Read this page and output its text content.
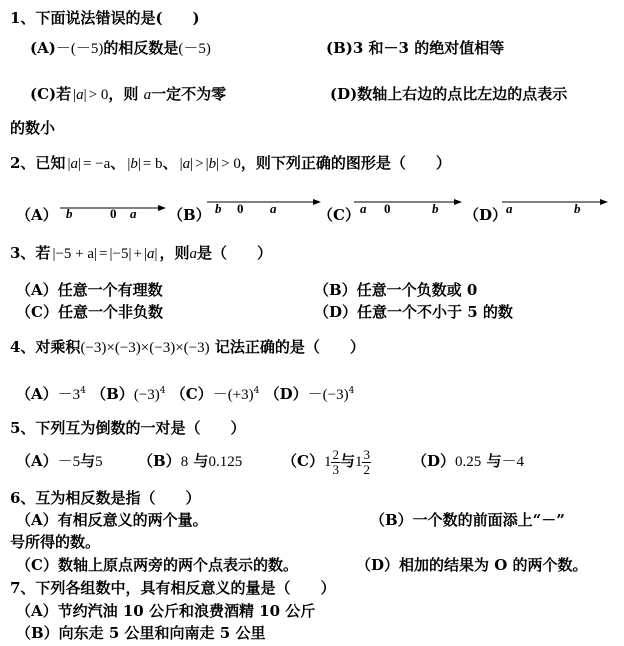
1、下面说法错误的是(　　)
(A)－(－5)的相反数是(－5)	(B)3 和－3 的绝对值相等
(C)若 |a| > 0，则 a一定不为零	(D)数轴上右边的点比左边的点表示
的数小
2、已知 |a| = −a、 |b| = b、 |a| > |b| > 0，则下列正确的图形是（　　）
（A） b	0 a （B） b 0 a	（C） a 0	b （D）
a	b
3、若 |−5 + a| = |−5| + |a| ，则a是（　　）
（A）任意一个有理数	（B）任意一个负数或 0
（C）任意一个非负数	（D）任意一个不小于 5 的数
4、对乘积(−3)×(−3)×(−3)×(−3) 记法正确的是（　　）
$(A)-3^4$ $(B)(-3)^4$ $(C)-(+3)^4$ $(D)-(-3)^4$
5、下列互为倒数的一对是（　　）
（A）－5与5 （B）8 与0.125	$(C)1 \frac{2}{3}$ 与$1 \frac{3}{2}$	（D）0.25 与－4
6、互为相反数是指（　　）
（A）有相反意义的两个量。	（B）一个数的前面添上“－”
号所得的数。
（C）数轴上原点两旁的两个点表示的数。	（D）相加的结果为 O 的两个数。
7、下列各组数中，具有相反意义的量是（　　）
（A）节约汽油 10 公斤和浪费酒精 10 公斤
（B）向东走 5 公里和向南走 5 公里
